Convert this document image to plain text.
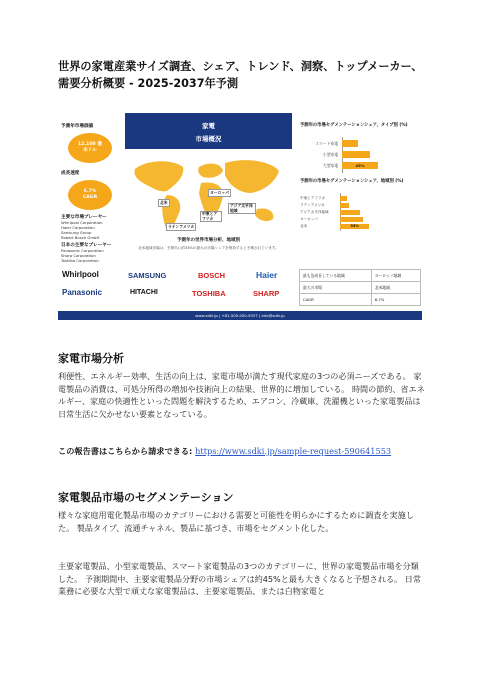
世界の家電産業サイズ調査、シェア、トレンド、洞察、トップメーカー、需要分析概要 - 2025-2037年予測
予測年市場価値
12,100 億
米ドル
成長速度
6.7%
CAGR
主要な市場プレーヤー
Whirlpool Corporation
Haier Corporation
Samsung Group
Robert Bosch GmbH
日本の主要なプレーヤー
Panasonic Corporation
Sharp Corporation
Toshiba Corporation
家電
市場概況
ヨーロッパ
北米
アジア太平洋地域
中東とアフリカ
ラテンアメリカ
予測年の世界市場分析、地域別
北米地域市場は、予測年に約33%の最大の市場シェアを保持すると予測されています。
予測年の市場セグメンテーションシェア、タイプ別 (%)
スマート家電
小型家電
大型家電	45%
予測年の市場セグメンテーションシェア、地域別 (%)
中東とアフリカ
ラテンアメリカ
アジア太平洋地域
ヨーロッパ
北米	33%
Whirlpool	SAMSUNG	BOSCH	Haier
Panasonic	HITACHI	TOSHIBA	SHARP
最も急成長している地域	ヨーロッパ地域
最大の市場	北米地域
CAGR	6.7%
www.sdki.jp | +81-505-050-9337 | info@sdki.jp
家電市場分析
利便性、エネルギー効率、生活の向上は、家電市場が満たす現代家庭の3つの必須ニーズである。 家電製品の消費は、可処分所得の増加や技術向上の結果、世界的に増加している。 時間の節約、省エネルギー、家庭の快適性といった問題を解決するため、エアコン、冷蔵庫、洗濯機といった家電製品は日常生活に欠かせない要素となっている。
この報告書はこちらから請求できる: https://www.sdki.jp/sample-request-590641553
家電製品市場のセグメンテーション
様々な家庭用電化製品市場のカテゴリーにおける需要と可能性を明らかにするために調査を実施した。 製品タイプ、流通チャネル、製品に基づき、市場をセグメント化した。
主要家電製品、小型家電製品、スマート家電製品の3つのカテゴリーに、世界の家電製品市場を分類した。 予測期間中、主要家電製品分野の市場シェアは約45%と最も大きくなると予想される。 日常業務に必要な大型で頑丈な家電製品は、主要家電製品、または白物家電と
